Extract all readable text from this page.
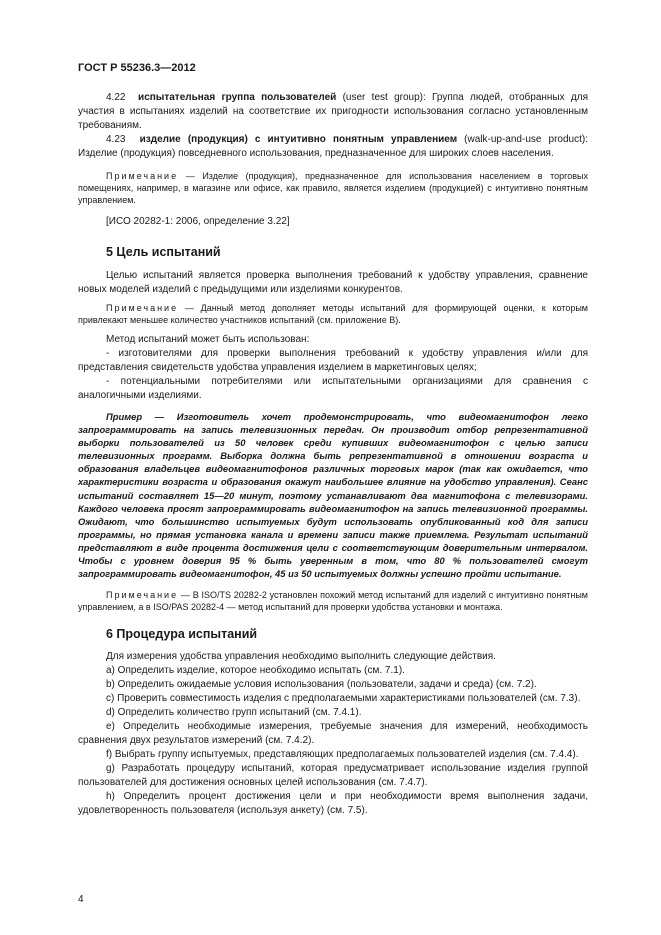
ГОСТ Р 55236.3—2012

4.22 испытательная группа пользователей (user test group): Группа людей, отобранных для участия в испытаниях изделий на соответствие их пригодности использования согласно установленным требованиям.

4.23 изделие (продукция) с интуитивно понятным управлением (walk-up-and-use product): Изделие (продукция) повседневного использования, предназначенное для широких слоев населения.

Примечание — Изделие (продукция), предназначенное для использования населением в торговых помещениях, например, в магазине или офисе, как правило, является изделием (продукцией) с интуитивно понятным управлением.

[ИСО 20282-1: 2006, определение 3.22]

5 Цель испытаний

Целью испытаний является проверка выполнения требований к удобству управления, сравнение новых моделей изделий с предыдущими или изделиями конкурентов.

Примечание — Данный метод дополняет методы испытаний для формирующей оценки, к которым привлекают меньшее количество участников испытаний (см. приложение В).

Метод испытаний может быть использован:

- изготовителями для проверки выполнения требований к удобству управления и/или для представления свидетельств удобства управления изделием в маркетинговых целях;

- потенциальными потребителями или испытательными организациями для сравнения с аналогичными изделиями.

Пример — Изготовитель хочет продемонстрировать, что видеомагнитофон легко запрограммировать на запись телевизионных передач. Он производит отбор репрезентативной выборки пользователей из 50 человек среди купивших видеомагнитофон с целью записи телевизионных программ. Выборка должна быть репрезентативной в отношении возраста и образования владельцев видеомагнитофонов различных торговых марок (так как ожидается, что характеристики возраста и образования окажут наибольшее влияние на удобство управления). Сеанс испытаний составляет 15—20 минут, поэтому устанавливают два магнитофона с телевизорами. Каждого человека просят запрограммировать видеомагнитофон на запись телевизионной программы. Ожидают, что большинство испытуемых будут использовать опубликованный код для записи программы, но прямая установка канала и времени записи также приемлема. Результат испытаний представляют в виде процента достижения цели с соответствующим доверительным интервалом. Чтобы с уровнем доверия 95 % быть уверенным в том, что 80 % пользователей смогут запрограммировать видеомагнитофон, 45 из 50 испытуемых должны успешно пройти испытание.

Примечание — В ISO/TS 20282-2 установлен похожий метод испытаний для изделий с интуитивно понятным управлением, а в ISO/PAS 20282-4 — метод испытаний для проверки удобства установки и монтажа.

6 Процедура испытаний

Для измерения удобства управления необходимо выполнить следующие действия.

a) Определить изделие, которое необходимо испытать (см. 7.1).

b) Определить ожидаемые условия использования (пользователи, задачи и среда) (см. 7.2).

c) Проверить совместимость изделия с предполагаемыми характеристиками пользователей (см. 7.3).

d) Определить количество групп испытаний (см. 7.4.1).

e) Определить необходимые измерения, требуемые значения для измерений, необходимость сравнения двух результатов измерений (см. 7.4.2).

f) Выбрать группу испытуемых, представляющих предполагаемых пользователей изделия (см. 7.4.4).

g) Разработать процедуру испытаний, которая предусматривает использование изделия группой пользователей для достижения основных целей использования (см. 7.4.7).

h) Определить процент достижения цели и при необходимости время выполнения задачи, удовлетворенность пользователя (используя анкету) (см. 7.5).

4
